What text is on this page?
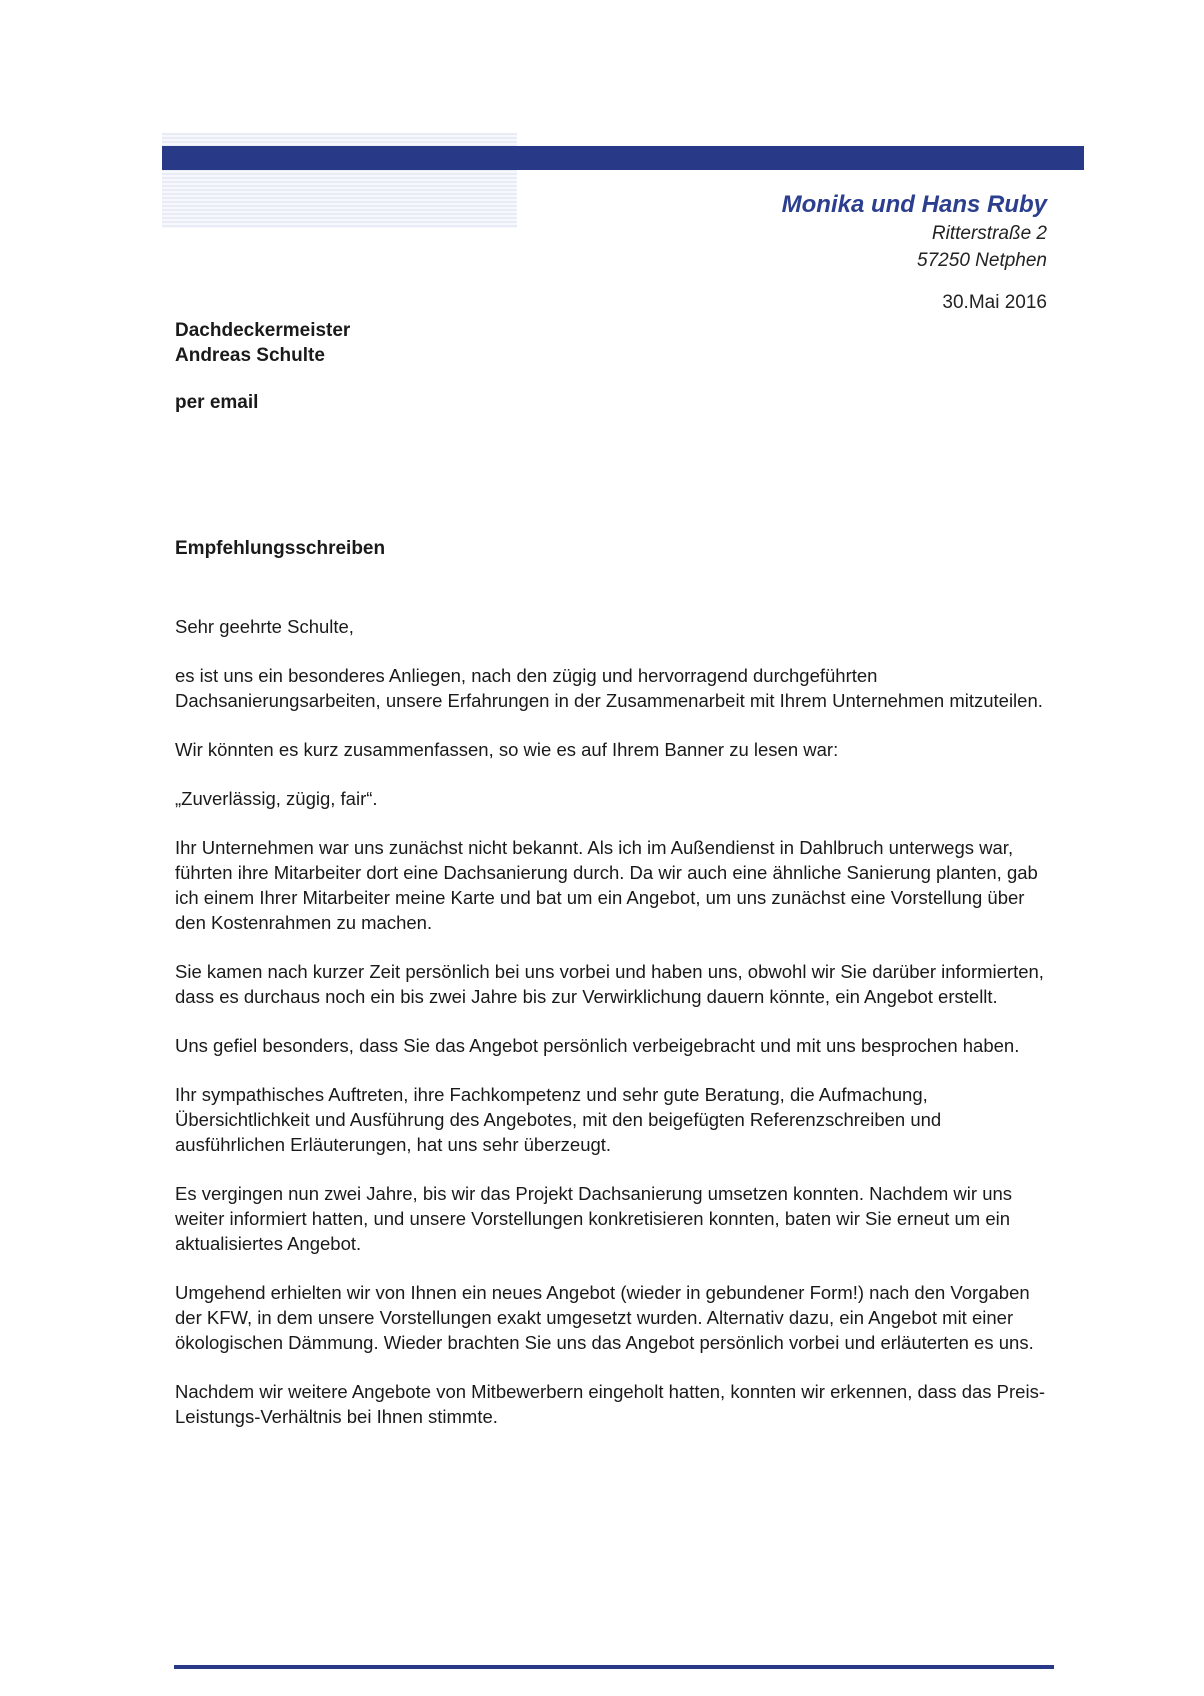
Monika und Hans Ruby
Ritterstraße 2
57250 Netphen
30.Mai 2016
Dachdeckermeister
Andreas Schulte
per email
Empfehlungsschreiben

Sehr geehrte Schulte,

es ist uns ein besonderes Anliegen, nach den zügig und hervorragend durchgeführten Dachsanierungsarbeiten, unsere Erfahrungen in der Zusammenarbeit mit Ihrem Unternehmen mitzuteilen.

Wir könnten es kurz zusammenfassen, so wie es auf Ihrem Banner zu lesen war:

„Zuverlässig, zügig, fair“.

Ihr Unternehmen war uns zunächst nicht bekannt. Als ich im Außendienst in Dahlbruch unterwegs war, führten ihre Mitarbeiter dort eine Dachsanierung durch. Da wir auch eine ähnliche Sanierung planten, gab ich einem Ihrer Mitarbeiter meine Karte und bat um ein Angebot, um uns zunächst eine Vorstellung über den Kostenrahmen zu machen.

Sie kamen nach kurzer Zeit persönlich bei uns vorbei und haben uns, obwohl wir Sie darüber informierten, dass es durchaus noch ein bis zwei Jahre bis zur Verwirklichung dauern könnte, ein Angebot erstellt.

Uns gefiel besonders, dass Sie das Angebot persönlich verbeigebracht und mit uns besprochen haben.

Ihr sympathisches Auftreten, ihre Fachkompetenz und sehr gute Beratung, die Aufmachung, Übersichtlichkeit und Ausführung des Angebotes, mit den beigefügten Referenzschreiben und ausführlichen Erläuterungen, hat uns sehr überzeugt.

Es vergingen nun zwei Jahre, bis wir das Projekt Dachsanierung umsetzen konnten. Nachdem wir uns weiter informiert hatten, und unsere Vorstellungen konkretisieren konnten, baten wir Sie erneut um ein aktualisiertes Angebot.

Umgehend erhielten wir von Ihnen ein neues Angebot (wieder in gebundener Form!) nach den Vorgaben der KFW, in dem unsere Vorstellungen exakt umgesetzt wurden. Alternativ dazu, ein Angebot mit einer ökologischen Dämmung. Wieder brachten Sie uns das Angebot persönlich vorbei und erläuterten es uns.

Nachdem wir weitere Angebote von Mitbewerbern eingeholt hatten, konnten wir erkennen, dass das Preis-Leistungs-Verhältnis bei Ihnen stimmte.
